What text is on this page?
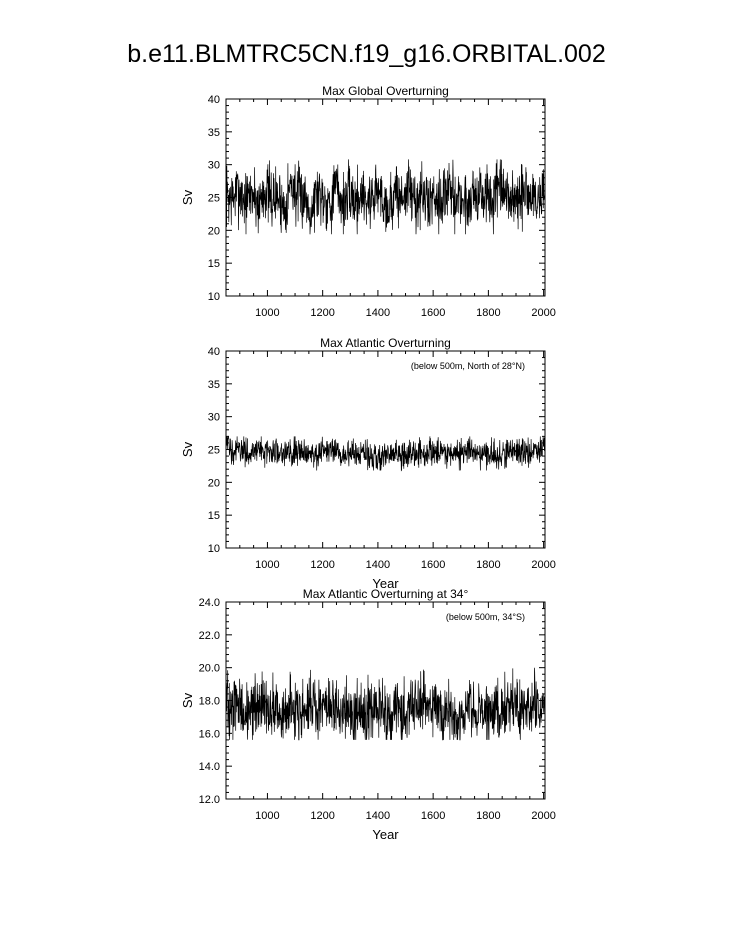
b.e11.BLMTRC5CN.f19_g16.ORBITAL.002
1000	1200	1400	1600	1800	2000
10
15
20
25
30
35
40
Max Global Overturning
Sv
1000	1200	1400	1600	1800	2000
10
15
20
25
30
35
40
Max Atlantic Overturning
(below 500m, North of 28°N)
Year
Sv
1000	1200	1400	1600	1800	2000
12.0
14.0
16.0
18.0
20.0
22.0
24.0
Max Atlantic Overturning at 34°
(below 500m, 34°S)
Year
Sv
